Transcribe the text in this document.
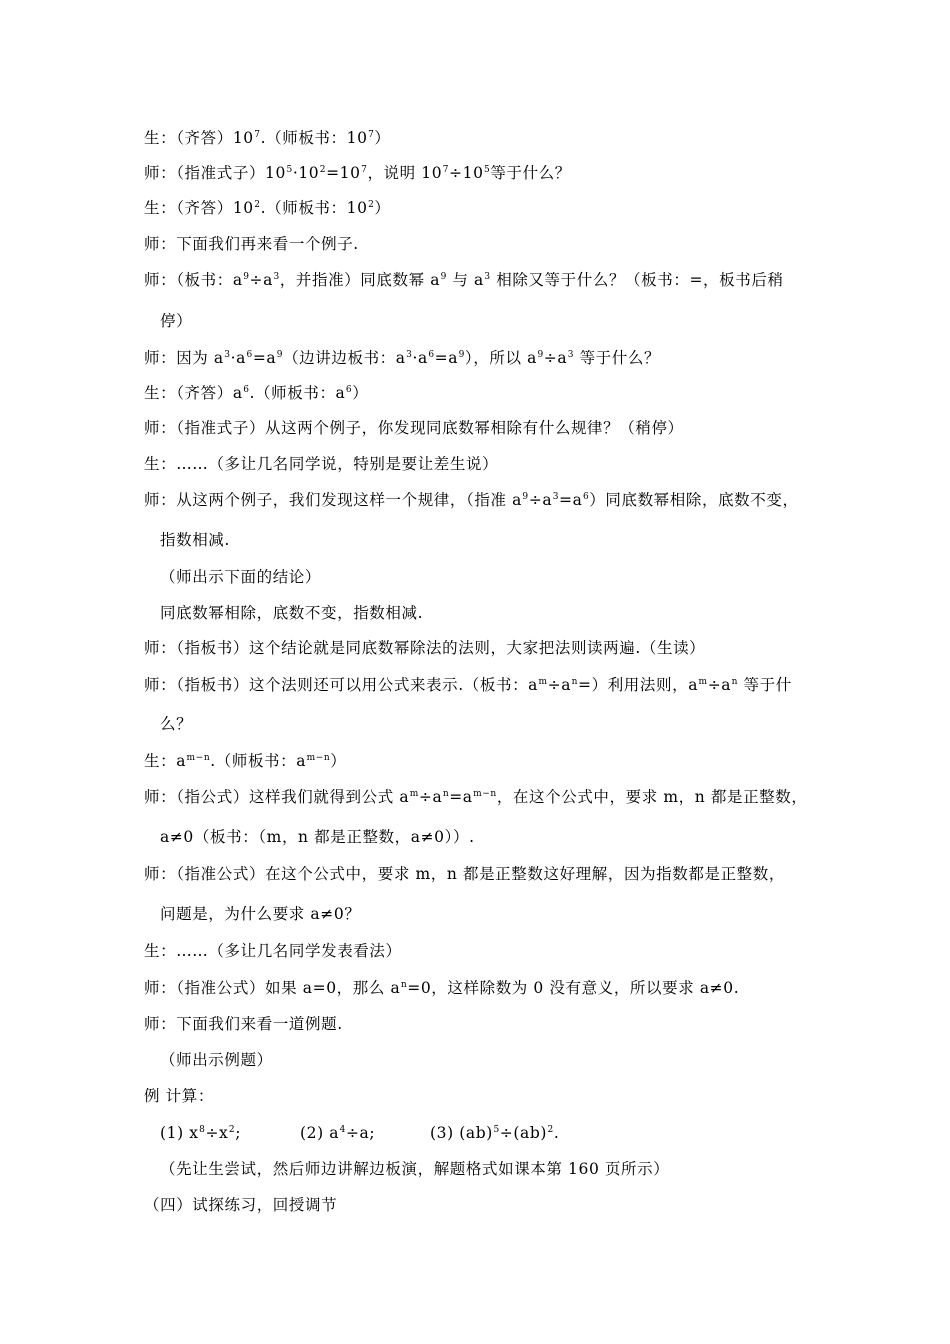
生：（齐答）$10^7$.（师板书：$10^7$）
师：（指准式子）$10^5\cdot 10^2=10^7$，说明 $10^7\div 10^5$等于什么？
生：（齐答）$10^2$.（师板书：$10^2$）
师：下面我们再来看一个例子.
师：（板书：$a^9\div a^3$，并指准）同底数幂 $a^9$ 与 $a^3$ 相除又等于什么？（板书：=，板书后稍
停）
师：因为 $a^3\cdot a^6=a^9$（边讲边板书：$a^3\cdot a^6=a^9$），所以 $a^9\div a^3$ 等于什么？
生：（齐答）$a^6$.（师板书：$a^6$）
师：（指准式子）从这两个例子，你发现同底数幂相除有什么规律？（稍停）
生：……（多让几名同学说，特别是要让差生说）
师：从这两个例子，我们发现这样一个规律，（指准 $a^9\div a^3=a^6$）同底数幂相除，底数不变，
指数相减.
（师出示下面的结论）
同底数幂相除，底数不变，指数相减.
师：（指板书）这个结论就是同底数幂除法的法则，大家把法则读两遍.（生读）
师：（指板书）这个法则还可以用公式来表示.（板书：$a^m\div a^n=$）利用法则，$a^m\div a^n$ 等于什
么？
生：$a^{m-n}$.（师板书：$a^{m-n}$）
师：（指公式）这样我们就得到公式 $a^m\div a^n=a^{m-n}$，在这个公式中，要求 m，n 都是正整数，
a≠0（板书：（m，n 都是正整数，a≠0））.
师：（指准公式）在这个公式中，要求 m，n 都是正整数这好理解，因为指数都是正整数，
问题是，为什么要求 a≠0？
生：……（多让几名同学发表看法）
师：（指准公式）如果 a=0，那么 $a^n=0$，这样除数为 0 没有意义，所以要求 a≠0.
师：下面我们来看一道例题.
（师出示例题）
例 计算：
(1) $x^8\div x^2$;	(2) $a^4\div a$;	(3) (ab)$^5$÷(ab)$^2$.
（先让生尝试，然后师边讲解边板演，解题格式如课本第 160 页所示）
（四）试探练习，回授调节
